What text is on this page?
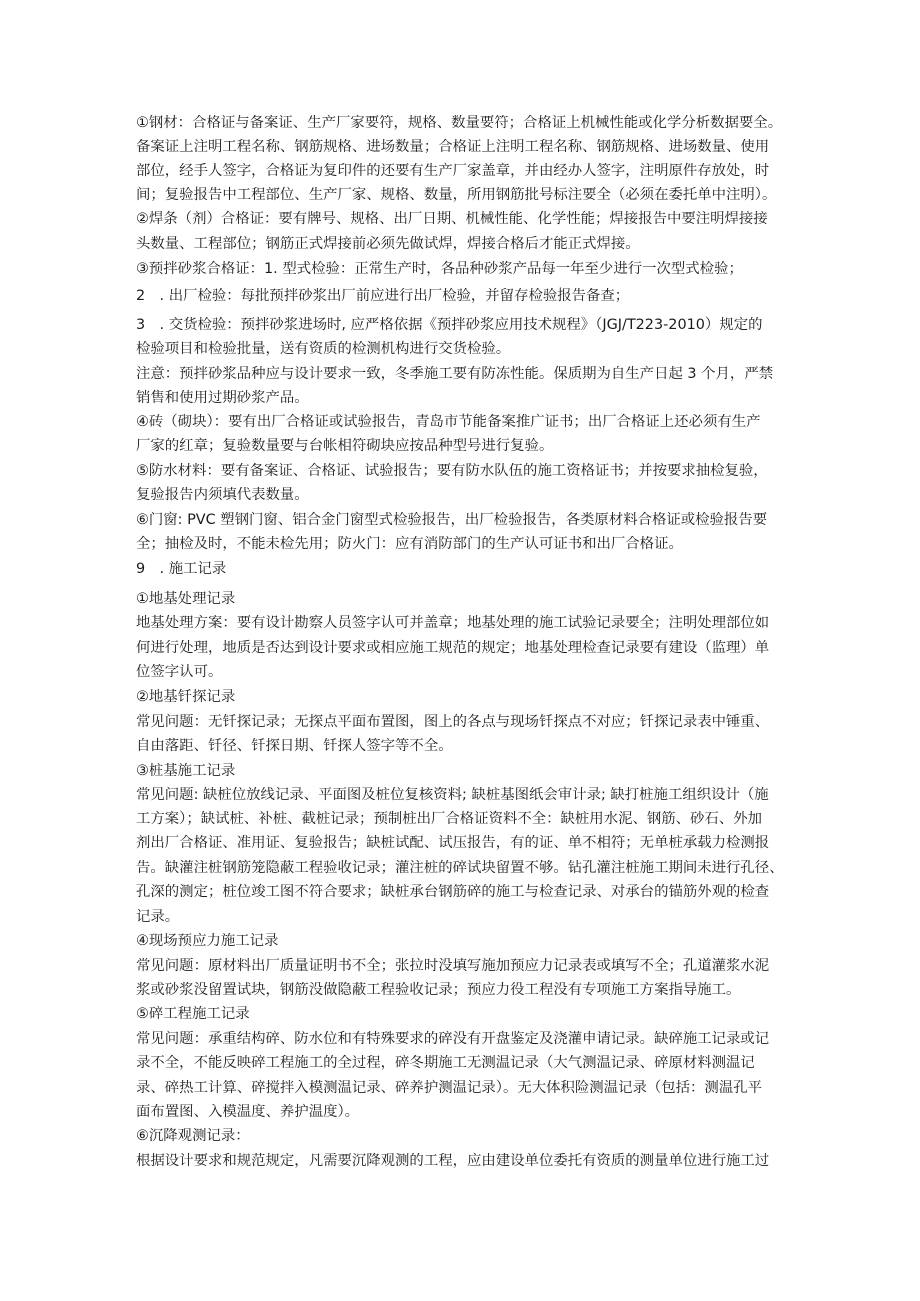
①钢材：合格证与备案证、生产厂家要符，规格、数量要符；合格证上机械性能或化学分析数据要全。
备案证上注明工程名称、钢筋规格、进场数量；合格证上注明工程名称、钢筋规格、进场数量、使用
部位，经手人签字，合格证为复印件的还要有生产厂家盖章，并由经办人签字，注明原件存放处，时
间；复验报告中工程部位、生产厂家、规格、数量，所用钢筋批号标注要全（必须在委托单中注明）。
②焊条（剂）合格证：要有牌号、规格、出厂日期、机械性能、化学性能；焊接报告中要注明焊接接
头数量、工程部位；钢筋正式焊接前必须先做试焊，焊接合格后才能正式焊接。
③预拌砂浆合格证：1. 型式检验：正常生产时，各品种砂浆产品每一年至少进行一次型式检验；
2　. 出厂检验：每批预拌砂浆出厂前应进行出厂检验，并留存检验报告备查；
3　. 交货检验：预拌砂浆进场时, 应严格依据《预拌砂浆应用技术规程》（JGJ/T223-2010）规定的
检验项目和检验批量，送有资质的检测机构进行交货检验。
注意：预拌砂浆品种应与设计要求一致，冬季施工要有防冻性能。保质期为自生产日起 3 个月，严禁
销售和使用过期砂浆产品。
④砖（砌块）：要有出厂合格证或试验报告，青岛市节能备案推广证书；出厂合格证上还必须有生产
厂家的红章；复验数量要与台帐相符砌块应按品种型号进行复验。
⑤防水材料：要有备案证、合格证、试验报告；要有防水队伍的施工资格证书；并按要求抽检复验，
复验报告内须填代表数量。
⑥门窗: PVC 塑钢门窗、铝合金门窗型式检验报告，出厂检验报告，各类原材料合格证或检验报告要
全；抽检及时，不能未检先用；防火门：应有消防部门的生产认可证书和出厂合格证。
9　. 施工记录
①地基处理记录
地基处理方案：要有设计勘察人员签字认可并盖章；地基处理的施工试验记录要全；注明处理部位如
何进行处理，地质是否达到设计要求或相应施工规范的规定；地基处理检查记录要有建设（监理）单
位签字认可。
②地基钎探记录
常见问题：无钎探记录；无探点平面布置图，图上的各点与现场钎探点不对应；钎探记录表中锤重、
自由落距、钎径、钎探日期、钎探人签字等不全。
③桩基施工记录
常见问题: 缺桩位放线记录、平面图及桩位复核资料; 缺桩基图纸会审计录; 缺打桩施工组织设计（施
工方案）；缺试桩、补桩、截桩记录；预制桩出厂合格证资料不全：缺桩用水泥、钢筋、砂石、外加
剂出厂合格证、准用证、复验报告；缺桩试配、试压报告，有的证、单不相符；无单桩承载力检测报
告。缺灌注桩钢筋笼隐蔽工程验收记录；灌注桩的碎试块留置不够。钻孔灌注桩施工期间未进行孔径、
孔深的测定；桩位竣工图不符合要求；缺桩承台钢筋碎的施工与检查记录、对承台的锚筋外观的检查
记录。
④现场预应力施工记录
常见问题：原材料出厂质量证明书不全；张拉时没填写施加预应力记录表或填写不全；孔道灌浆水泥
浆或砂浆没留置试块，钢筋没做隐蔽工程验收记录；预应力役工程没有专项施工方案指导施工。
⑤碎工程施工记录
常见问题：承重结构碎、防水位和有特殊要求的碎没有开盘鉴定及浇灌申请记录。缺碎施工记录或记
录不全，不能反映碎工程施工的全过程，碎冬期施工无测温记录（大气测温记录、碎原材料测温记
录、碎热工计算、碎搅拌入模测温记录、碎养护测温记录）。无大体积险测温记录（包括：测温孔平
面布置图、入模温度、养护温度）。
⑥沉降观测记录：
根据设计要求和规范规定，凡需要沉降观测的工程，应由建设单位委托有资质的测量单位进行施工过
